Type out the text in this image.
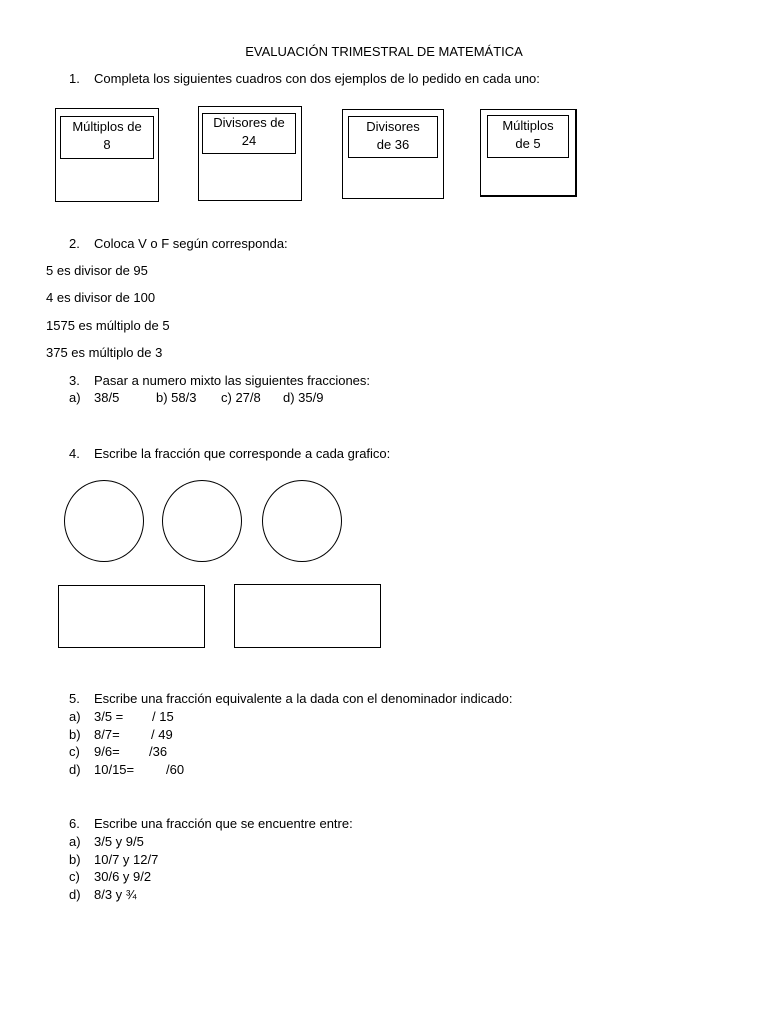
EVALUACIÓN TRIMESTRAL DE MATEMÁTICA
1. Completa los siguientes cuadros con dos ejemplos de lo pedido en cada uno:
Múltiplos de
8
Divisores de
24
Divisores
de 36
Múltiplos
de 5
2. Coloca V o F según corresponda:
5 es divisor de 95
4 es divisor de 100
1575 es múltiplo de 5
375 es múltiplo de 3
3. Pasar a numero mixto las siguientes fracciones:
a) 38/5	b) 58/3 c) 27/8 d) 35/9
4. Escribe la fracción que corresponde a cada grafico:
5. Escribe una fracción equivalente a la dada con el denominador indicado:
a) 3/5 = / 15
b) 8/7= / 49
c) 9/6= /36
d) 10/15= /60
6. Escribe una fracción que se encuentre entre:
a) 3/5 y 9/5
b) 10/7 y 12/7
c) 30/6 y 9/2
d) 8/3 y ¾
